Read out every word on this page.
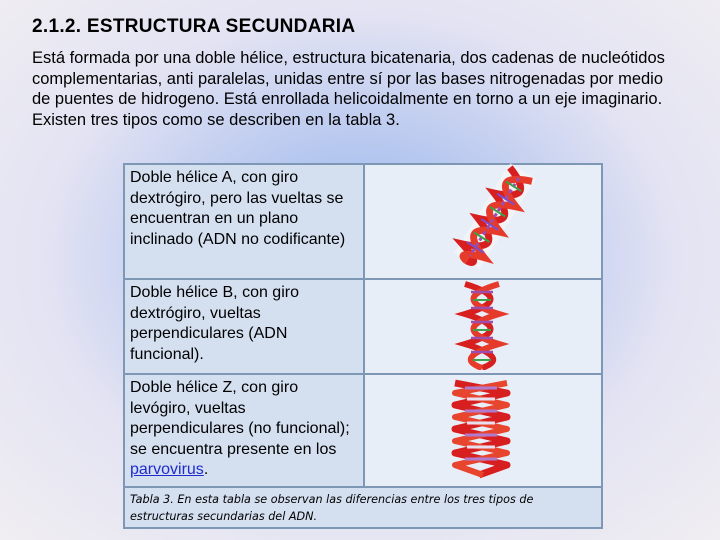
2.1.2. ESTRUCTURA SECUNDARIA
Está formada por una doble hélice, estructura bicatenaria, dos cadenas de nucleótidos complementarias, anti paralelas, unidas entre sí por las bases nitrogenadas por medio de puentes de hidrogeno. Está enrollada helicoidalmente en torno a un eje imaginario. Existen tres tipos como se describen en la tabla 3.
Doble hélice A, con giro dextrógiro, pero las vueltas se encuentran en un plano inclinado (ADN no codificante)	

Doble hélice B, con giro dextrógiro, vueltas perpendiculares (ADN funcional).	

Doble hélice Z, con giro levógiro, vueltas perpendiculares (no funcional); se encuentra presente en los parvovirus.	

Tabla 3. En esta tabla se observan las diferencias entre los tres tipos de estructuras secundarias del ADN.	
